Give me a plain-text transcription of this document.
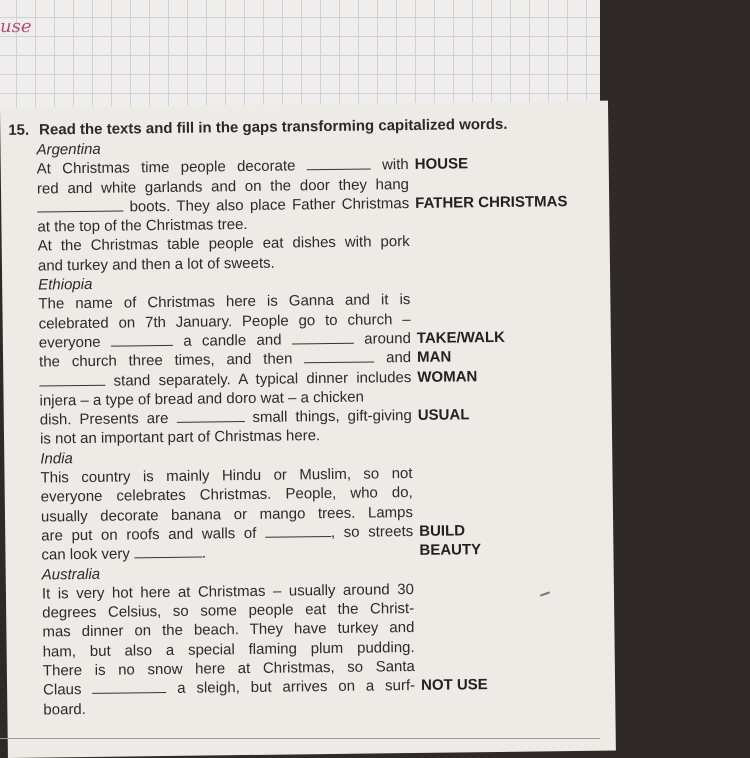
use
15. Read the texts and fill in the gaps transforming capitalized words.
Argentina
At Christmas time people decorate	with HOUSE
red and white garlands and on the door they hang
boots. They also place Father Christmas FATHER CHRISTMAS
at the top of the Christmas tree.
At the Christmas table people eat dishes with pork
and turkey and then a lot of sweets.
Ethiopia
The name of Christmas here is Ganna and it is
celebrated on 7th January. People go to church –
everyone	a candle and	around TAKE/WALK
the church three times, and then	and MAN
stand separately. A typical dinner includes WOMAN
injera – a type of bread and doro wat – a chicken
dish. Presents are	small things, gift-giving USUAL
is not an important part of Christmas here.
India
This country is mainly Hindu or Muslim, so not
everyone celebrates Christmas. People, who do,
usually decorate banana or mango trees. Lamps
are put on roofs and walls of	, so streets BUILD
can look very	.	BEAUTY
Australia
It is very hot here at Christmas – usually around 30
degrees Celsius, so some people eat the Christ-
mas dinner on the beach. They have turkey and
ham, but also a special flaming plum pudding.
There is no snow here at Christmas, so Santa
Claus	a sleigh, but arrives on a surf- NOT USE
board.
